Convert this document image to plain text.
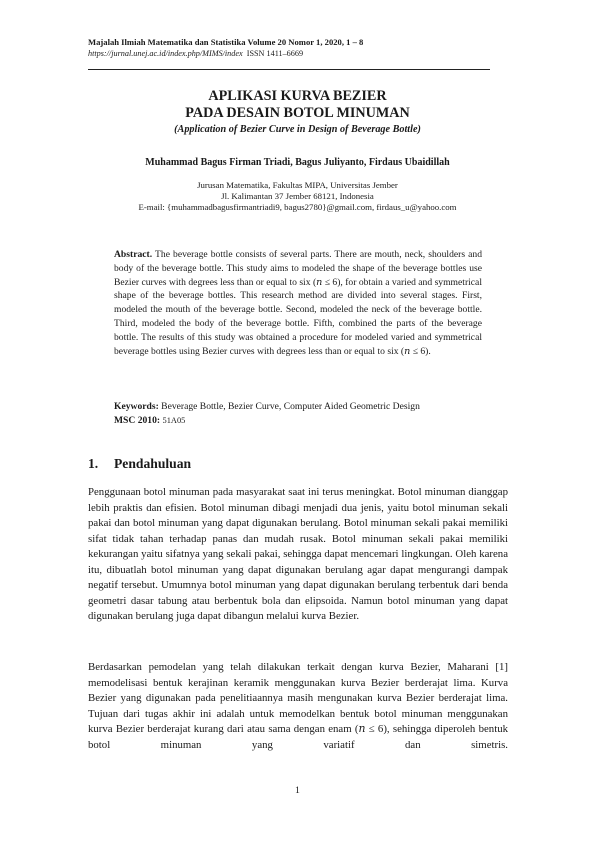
Majalah Ilmiah Matematika dan Statistika Volume 20 Nomor 1, 2020, 1 – 8
https://jurnal.unej.ac.id/index.php/MIMS/index ISSN 1411–6669
APLIKASI KURVA BEZIER
PADA DESAIN BOTOL MINUMAN
(Application of Bezier Curve in Design of Beverage Bottle)
Muhammad Bagus Firman Triadi, Bagus Juliyanto, Firdaus Ubaidillah
Jurusan Matematika, Fakultas MIPA, Universitas Jember
Jl. Kalimantan 37 Jember 68121, Indonesia
E-mail: {muhammadbagusfirmantriadi9, bagus2780}@gmail.com, firdaus_u@yahoo.com
Abstract. The beverage bottle consists of several parts. There are mouth, neck, shoulders and body of the beverage bottle. This study aims to modeled the shape of the beverage bottles use Bezier curves with degrees less than or equal to six (𝑛 ≤ 6), for obtain a varied and symmetrical shape of the beverage bottles. This research method are divided into several stages. First, modeled the mouth of the beverage bottle. Second, modeled the neck of the beverage bottle. Third, modeled the body of the beverage bottle. Fifth, combined the parts of the beverage bottle. The results of this study was obtained a procedure for modeled varied and symmetrical beverage bottles using Bezier curves with degrees less than or equal to six (𝑛 ≤ 6).
Keywords: Beverage Bottle, Bezier Curve, Computer Aided Geometric Design
MSC 2010: 51A05
1. Pendahuluan
Penggunaan botol minuman pada masyarakat saat ini terus meningkat. Botol minuman dianggap lebih praktis dan efisien. Botol minuman dibagi menjadi dua jenis, yaitu botol minuman sekali pakai dan botol minuman yang dapat digunakan berulang. Botol minuman sekali pakai memiliki sifat tidak tahan terhadap panas dan mudah rusak. Botol minuman sekali pakai memiliki kekurangan yaitu sifatnya yang sekali pakai, sehingga dapat mencemari lingkungan. Oleh karena itu, dibuatlah botol minuman yang dapat digunakan berulang agar dapat mengurangi dampak negatif tersebut. Umumnya botol minuman yang dapat digunakan berulang terbentuk dari benda geometri dasar tabung atau berbentuk bola dan elipsoida. Namun botol minuman yang dapat digunakan berulang juga dapat dibangun melalui kurva Bezier.
Berdasarkan pemodelan yang telah dilakukan terkait dengan kurva Bezier, Maharani [1] memodelisasi bentuk kerajinan keramik menggunakan kurva Bezier berderajat lima. Kurva Bezier yang digunakan pada penelitiaannya masih mengunakan kurva Bezier berderajat lima. Tujuan dari tugas akhir ini adalah untuk memodelkan bentuk botol minuman menggunakan kurva Bezier berderajat kurang dari atau sama dengan enam (𝑛 ≤ 6), sehingga diperoleh bentuk botol minuman yang variatif dan simetris.
1
